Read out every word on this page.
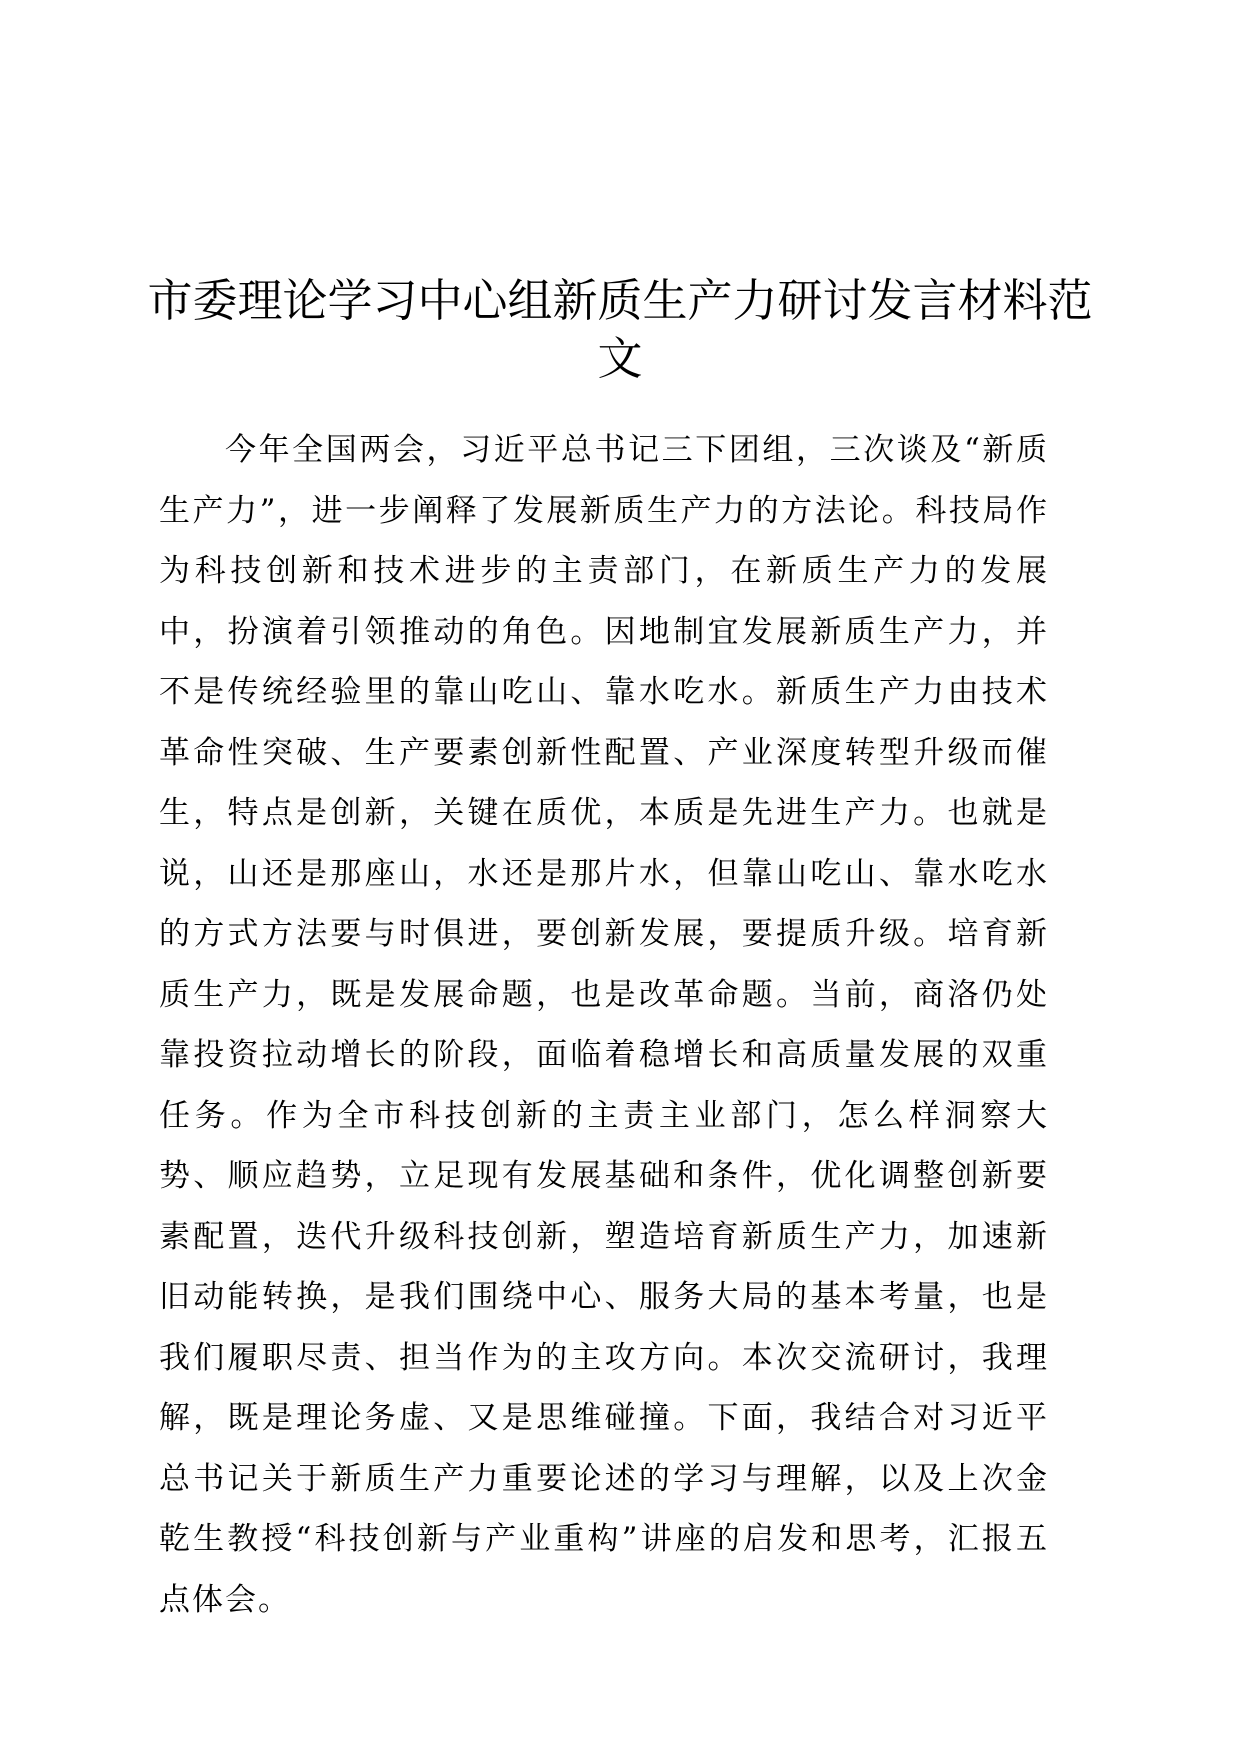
市委理论学习中心组新质生产力研讨发言材料范文

今年全国两会，习近平总书记三下团组，三次谈及“新质生产力”，进一步阐释了发展新质生产力的方法论。科技局作为科技创新和技术进步的主责部门，在新质生产力的发展中，扮演着引领推动的角色。因地制宜发展新质生产力，并不是传统经验里的靠山吃山、靠水吃水。新质生产力由技术革命性突破、生产要素创新性配置、产业深度转型升级而催生，特点是创新，关键在质优，本质是先进生产力。也就是说，山还是那座山，水还是那片水，但靠山吃山、靠水吃水的方式方法要与时俱进，要创新发展，要提质升级。培育新质生产力，既是发展命题，也是改革命题。当前，商洛仍处靠投资拉动增长的阶段，面临着稳增长和高质量发展的双重任务。作为全市科技创新的主责主业部门，怎么样洞察大势、顺应趋势，立足现有发展基础和条件，优化调整创新要素配置，迭代升级科技创新，塑造培育新质生产力，加速新旧动能转换，是我们围绕中心、服务大局的基本考量，也是我们履职尽责、担当作为的主攻方向。本次交流研讨，我理解，既是理论务虚、又是思维碰撞。下面，我结合对习近平总书记关于新质生产力重要论述的学习与理解，以及上次金乾生教授“科技创新与产业重构”讲座的启发和思考，汇报五点体会。
